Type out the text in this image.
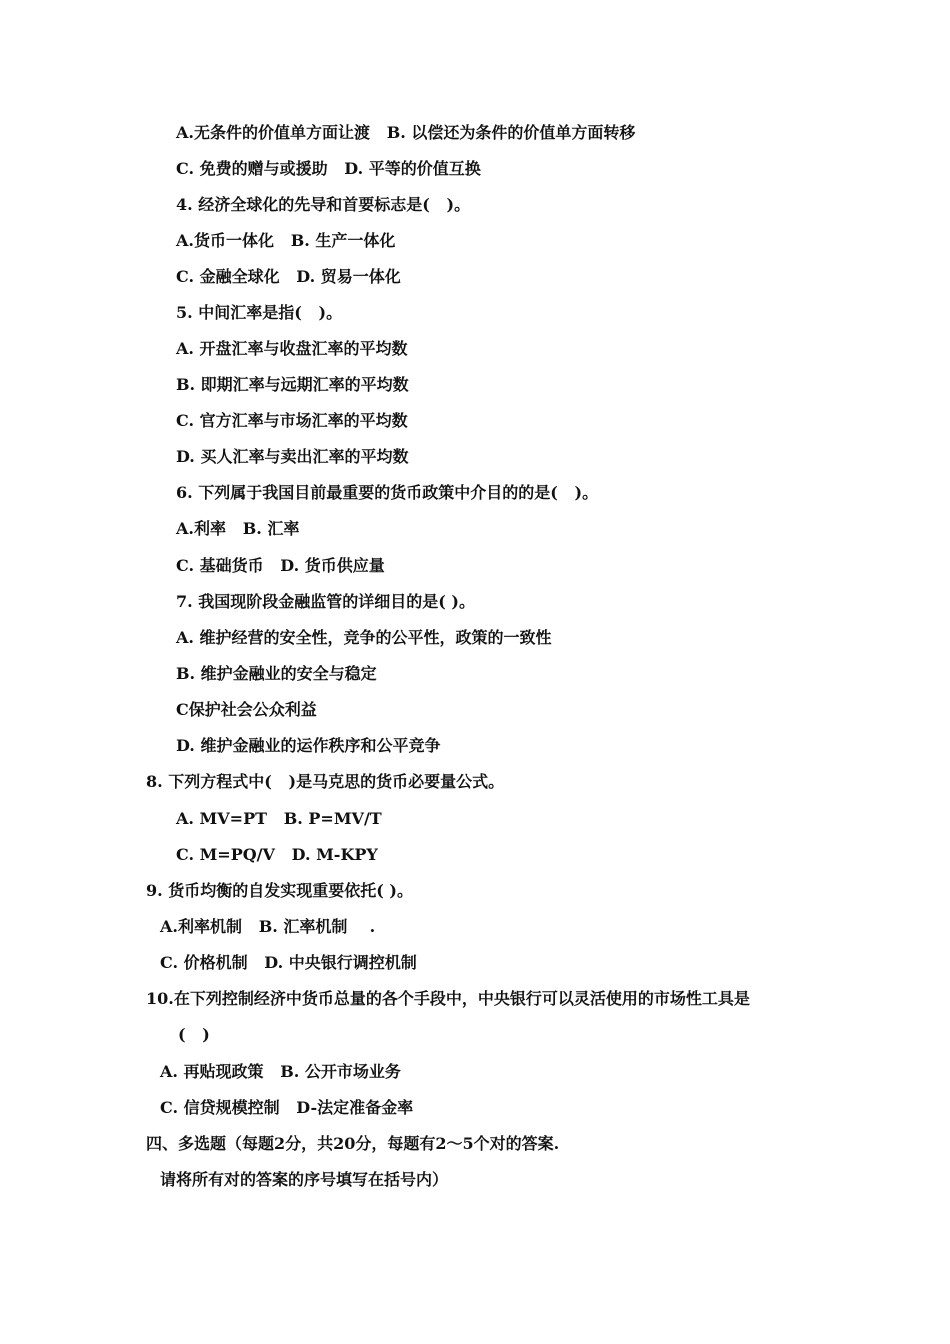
A.无条件的价值单方面让渡   B. 以偿还为条件的价值单方面转移
C. 免费的赠与或援助   D. 平等的价值互换
4. 经济全球化的先导和首要标志是(   )。
A.货币一体化   B. 生产一体化
C. 金融全球化   D. 贸易一体化
5. 中间汇率是指(   )。
A. 开盘汇率与收盘汇率的平均数
B. 即期汇率与远期汇率的平均数
C. 官方汇率与市场汇率的平均数
D. 买人汇率与卖出汇率的平均数
6. 下列属于我国目前最重要的货币政策中介目的的是(   )。
A.利率   B. 汇率
C. 基础货币   D. 货币供应量
7. 我国现阶段金融监管的详细目的是( )。
A. 维护经营的安全性，竞争的公平性，政策的一致性
B. 维护金融业的安全与稳定
C保护社会公众利益
D. 维护金融业的运作秩序和公平竞争
8. 下列方程式中(   )是马克思的货币必要量公式。
A. MV=PT   B. P=MV/T
C. M=PQ/V   D. M-KPY
9. 货币均衡的自发实现重要依托( )。
A.利率机制   B. 汇率机制    .
C. 价格机制   D. 中央银行调控机制
10.在下列控制经济中货币总量的各个手段中，中央银行可以灵活使用的市场性工具是
(   )
A. 再贴现政策   B. 公开市场业务
C. 信贷规模控制   D-法定准备金率
四、多选题（每题2分，共20分，每题有2～5个对的答案.
请将所有对的答案的序号填写在括号内）
